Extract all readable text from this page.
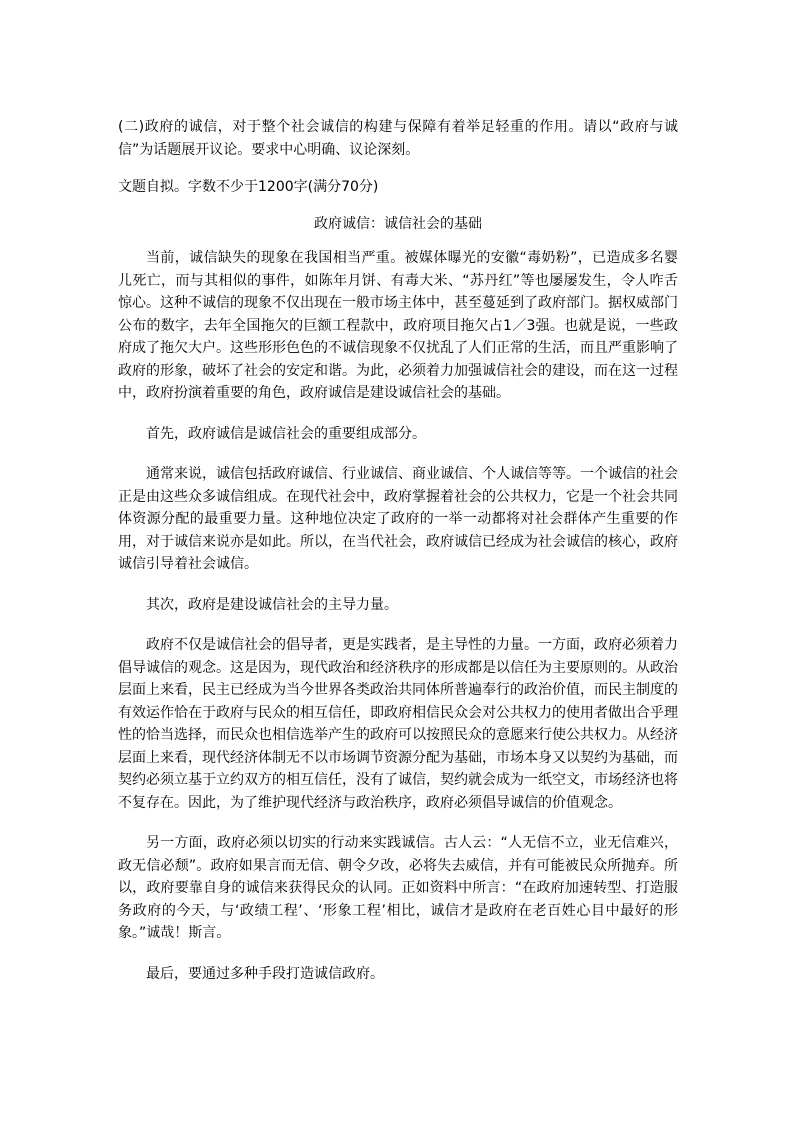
(二)政府的诚信，对于整个社会诚信的构建与保障有着举足轻重的作用。请以“政府与诚信”为话题展开议论。要求中心明确、议论深刻。

文题自拟。字数不少于1200字(满分70分)

政府诚信：诚信社会的基础

当前，诚信缺失的现象在我国相当严重。被媒体曝光的安徽“毒奶粉”，已造成多名婴儿死亡，而与其相似的事件，如陈年月饼、有毒大米、“苏丹红”等也屡屡发生，令人咋舌惊心。这种不诚信的现象不仅出现在一般市场主体中，甚至蔓延到了政府部门。据权威部门公布的数字，去年全国拖欠的巨额工程款中，政府项目拖欠占1／3强。也就是说，一些政府成了拖欠大户。这些形形色色的不诚信现象不仅扰乱了人们正常的生活，而且严重影响了政府的形象，破坏了社会的安定和谐。为此，必须着力加强诚信社会的建设，而在这一过程中，政府扮演着重要的角色，政府诚信是建设诚信社会的基础。

首先，政府诚信是诚信社会的重要组成部分。

通常来说，诚信包括政府诚信、行业诚信、商业诚信、个人诚信等等。一个诚信的社会正是由这些众多诚信组成。在现代社会中，政府掌握着社会的公共权力，它是一个社会共同体资源分配的最重要力量。这种地位决定了政府的一举一动都将对社会群体产生重要的作用，对于诚信来说亦是如此。所以，在当代社会，政府诚信已经成为社会诚信的核心，政府诚信引导着社会诚信。

其次，政府是建设诚信社会的主导力量。

政府不仅是诚信社会的倡导者，更是实践者，是主导性的力量。一方面，政府必须着力倡导诚信的观念。这是因为，现代政治和经济秩序的形成都是以信任为主要原则的。从政治层面上来看，民主已经成为当今世界各类政治共同体所普遍奉行的政治价值，而民主制度的有效运作恰在于政府与民众的相互信任，即政府相信民众会对公共权力的使用者做出合乎理性的恰当选择，而民众也相信选举产生的政府可以按照民众的意愿来行使公共权力。从经济层面上来看，现代经济体制无不以市场调节资源分配为基础，市场本身又以契约为基础，而契约必须立基于立约双方的相互信任，没有了诚信，契约就会成为一纸空文，市场经济也将不复存在。因此，为了维护现代经济与政治秩序，政府必须倡导诚信的价值观念。

另一方面，政府必须以切实的行动来实践诚信。古人云：“人无信不立，业无信难兴，政无信必颓”。政府如果言而无信、朝令夕改，必将失去威信，并有可能被民众所抛弃。所以，政府要靠自身的诚信来获得民众的认同。正如资料中所言：“在政府加速转型、打造服务政府的今天，与‘政绩工程’、‘形象工程’相比，诚信才是政府在老百姓心目中最好的形象。”诚哉！斯言。

最后，要通过多种手段打造诚信政府。
